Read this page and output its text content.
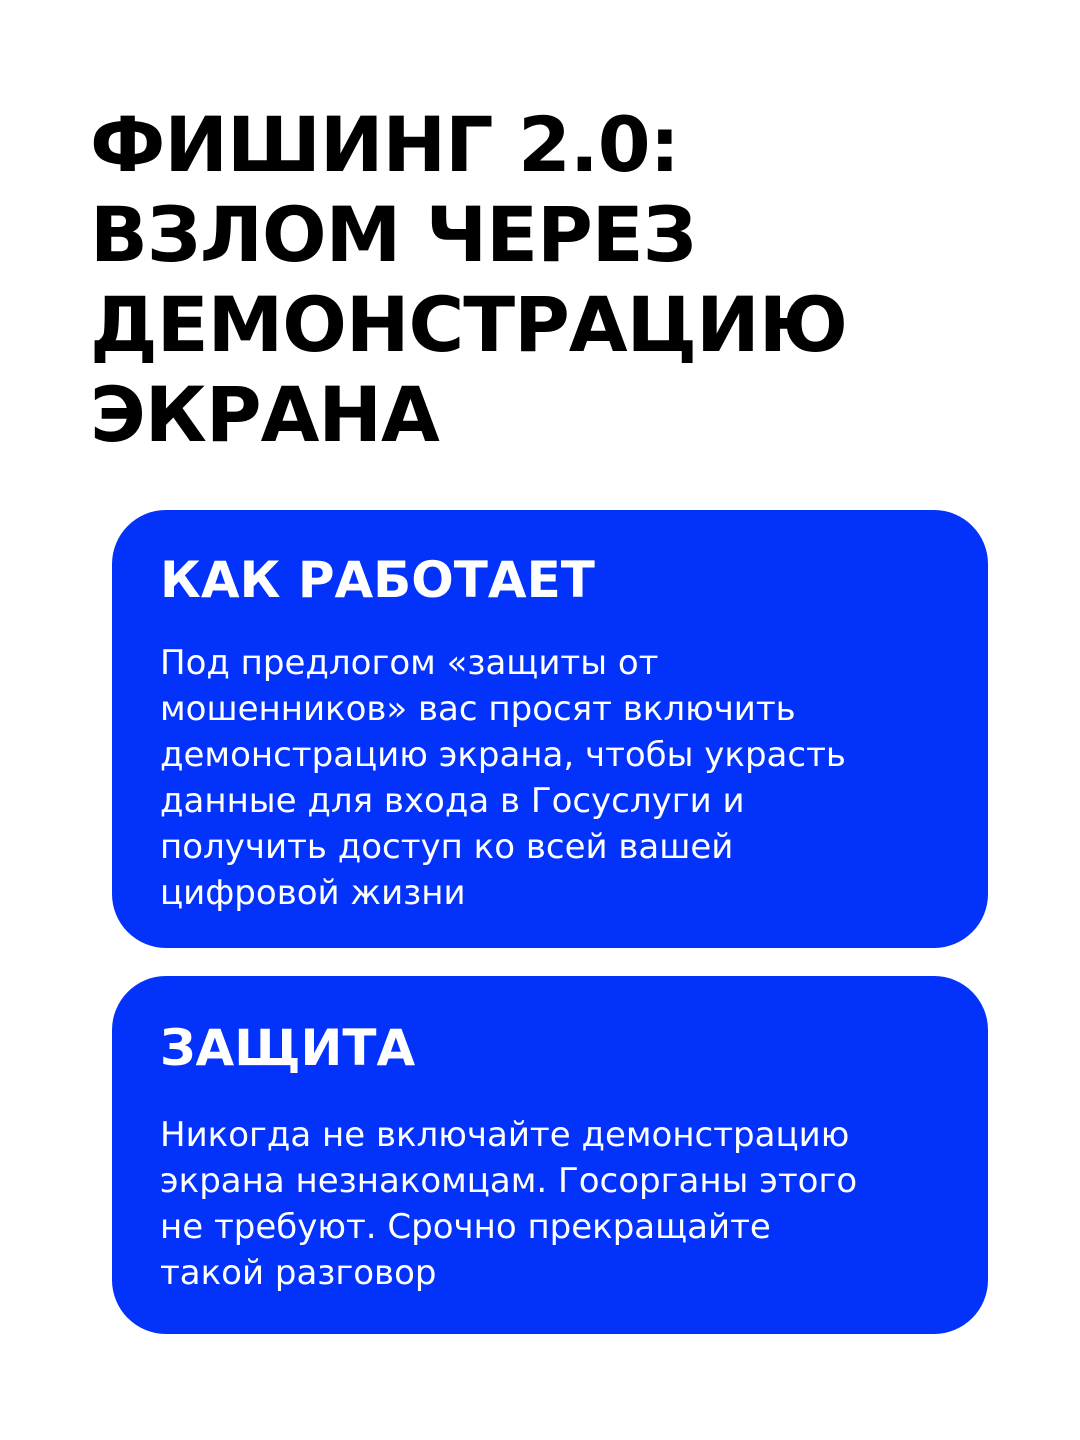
ФИШИНГ 2.0:
ВЗЛОМ ЧЕРЕЗ
ДЕМОНСТРАЦИЮ
ЭКРАНА
КАК РАБОТАЕТ

Под предлогом «защиты от
мошенников» вас просят включить
демонстрацию экрана, чтобы украсть
данные для входа в Госуслуги и
получить доступ ко всей вашей
цифровой жизни

ЗАЩИТА

Никогда не включайте демонстрацию
экрана незнакомцам. Госорганы этого
не требуют. Срочно прекращайте
такой разговор
